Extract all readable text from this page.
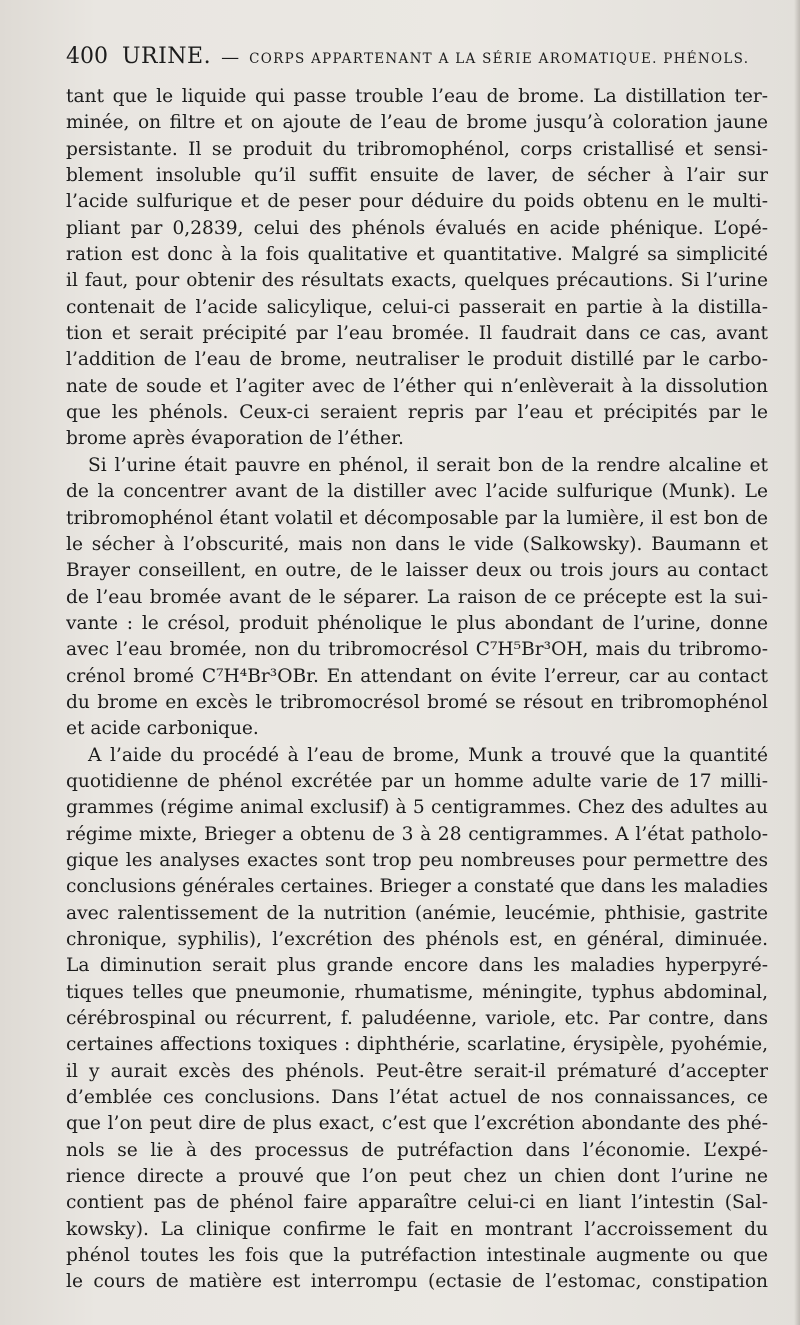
400 URINE. — CORPS APPARTENANT A LA SÉRIE AROMATIQUE. PHÉNOLS.
tant que le liquide qui passe trouble l’eau de brome. La distillation ter-
minée, on filtre et on ajoute de l’eau de brome jusqu’à coloration jaune
persistante. Il se produit du tribromophénol, corps cristallisé et sensi-
blement insoluble qu’il suffit ensuite de laver, de sécher à l’air sur
l’acide sulfurique et de peser pour déduire du poids obtenu en le multi-
pliant par 0,2839, celui des phénols évalués en acide phénique. L’opé-
ration est donc à la fois qualitative et quantitative. Malgré sa simplicité
il faut, pour obtenir des résultats exacts, quelques précautions. Si l’urine
contenait de l’acide salicylique, celui-ci passerait en partie à la distilla-
tion et serait précipité par l’eau bromée. Il faudrait dans ce cas, avant
l’addition de l’eau de brome, neutraliser le produit distillé par le carbo-
nate de soude et l’agiter avec de l’éther qui n’enlèverait à la dissolution
que les phénols. Ceux-ci seraient repris par l’eau et précipités par le
brome après évaporation de l’éther.
Si l’urine était pauvre en phénol, il serait bon de la rendre alcaline et
de la concentrer avant de la distiller avec l’acide sulfurique (Munk). Le
tribromophénol étant volatil et décomposable par la lumière, il est bon de
le sécher à l’obscurité, mais non dans le vide (Salkowsky). Baumann et
Brayer conseillent, en outre, de le laisser deux ou trois jours au contact
de l’eau bromée avant de le séparer. La raison de ce précepte est la sui-
vante : le crésol, produit phénolique le plus abondant de l’urine, donne
avec l’eau bromée, non du tribromocrésol C⁷H⁵Br³OH, mais du tribromo-
crénol bromé C⁷H⁴Br³OBr. En attendant on évite l’erreur, car au contact
du brome en excès le tribromocrésol bromé se résout en tribromophénol
et acide carbonique.
A l’aide du procédé à l’eau de brome, Munk a trouvé que la quantité
quotidienne de phénol excrétée par un homme adulte varie de 17 milli-
grammes (régime animal exclusif) à 5 centigrammes. Chez des adultes au
régime mixte, Brieger a obtenu de 3 à 28 centigrammes. A l’état patholo-
gique les analyses exactes sont trop peu nombreuses pour permettre des
conclusions générales certaines. Brieger a constaté que dans les maladies
avec ralentissement de la nutrition (anémie, leucémie, phthisie, gastrite
chronique, syphilis), l’excrétion des phénols est, en général, diminuée.
La diminution serait plus grande encore dans les maladies hyperpyré-
tiques telles que pneumonie, rhumatisme, méningite, typhus abdominal,
cérébrospinal ou récurrent, f. paludéenne, variole, etc. Par contre, dans
certaines affections toxiques : diphthérie, scarlatine, érysipèle, pyohémie,
il y aurait excès des phénols. Peut-être serait-il prématuré d’accepter
d’emblée ces conclusions. Dans l’état actuel de nos connaissances, ce
que l’on peut dire de plus exact, c’est que l’excrétion abondante des phé-
nols se lie à des processus de putréfaction dans l’économie. L’expé-
rience directe a prouvé que l’on peut chez un chien dont l’urine ne
contient pas de phénol faire apparaître celui-ci en liant l’intestin (Sal-
kowsky). La clinique confirme le fait en montrant l’accroissement du
phénol toutes les fois que la putréfaction intestinale augmente ou que
le cours de matière est interrompu (ectasie de l’estomac, constipation
